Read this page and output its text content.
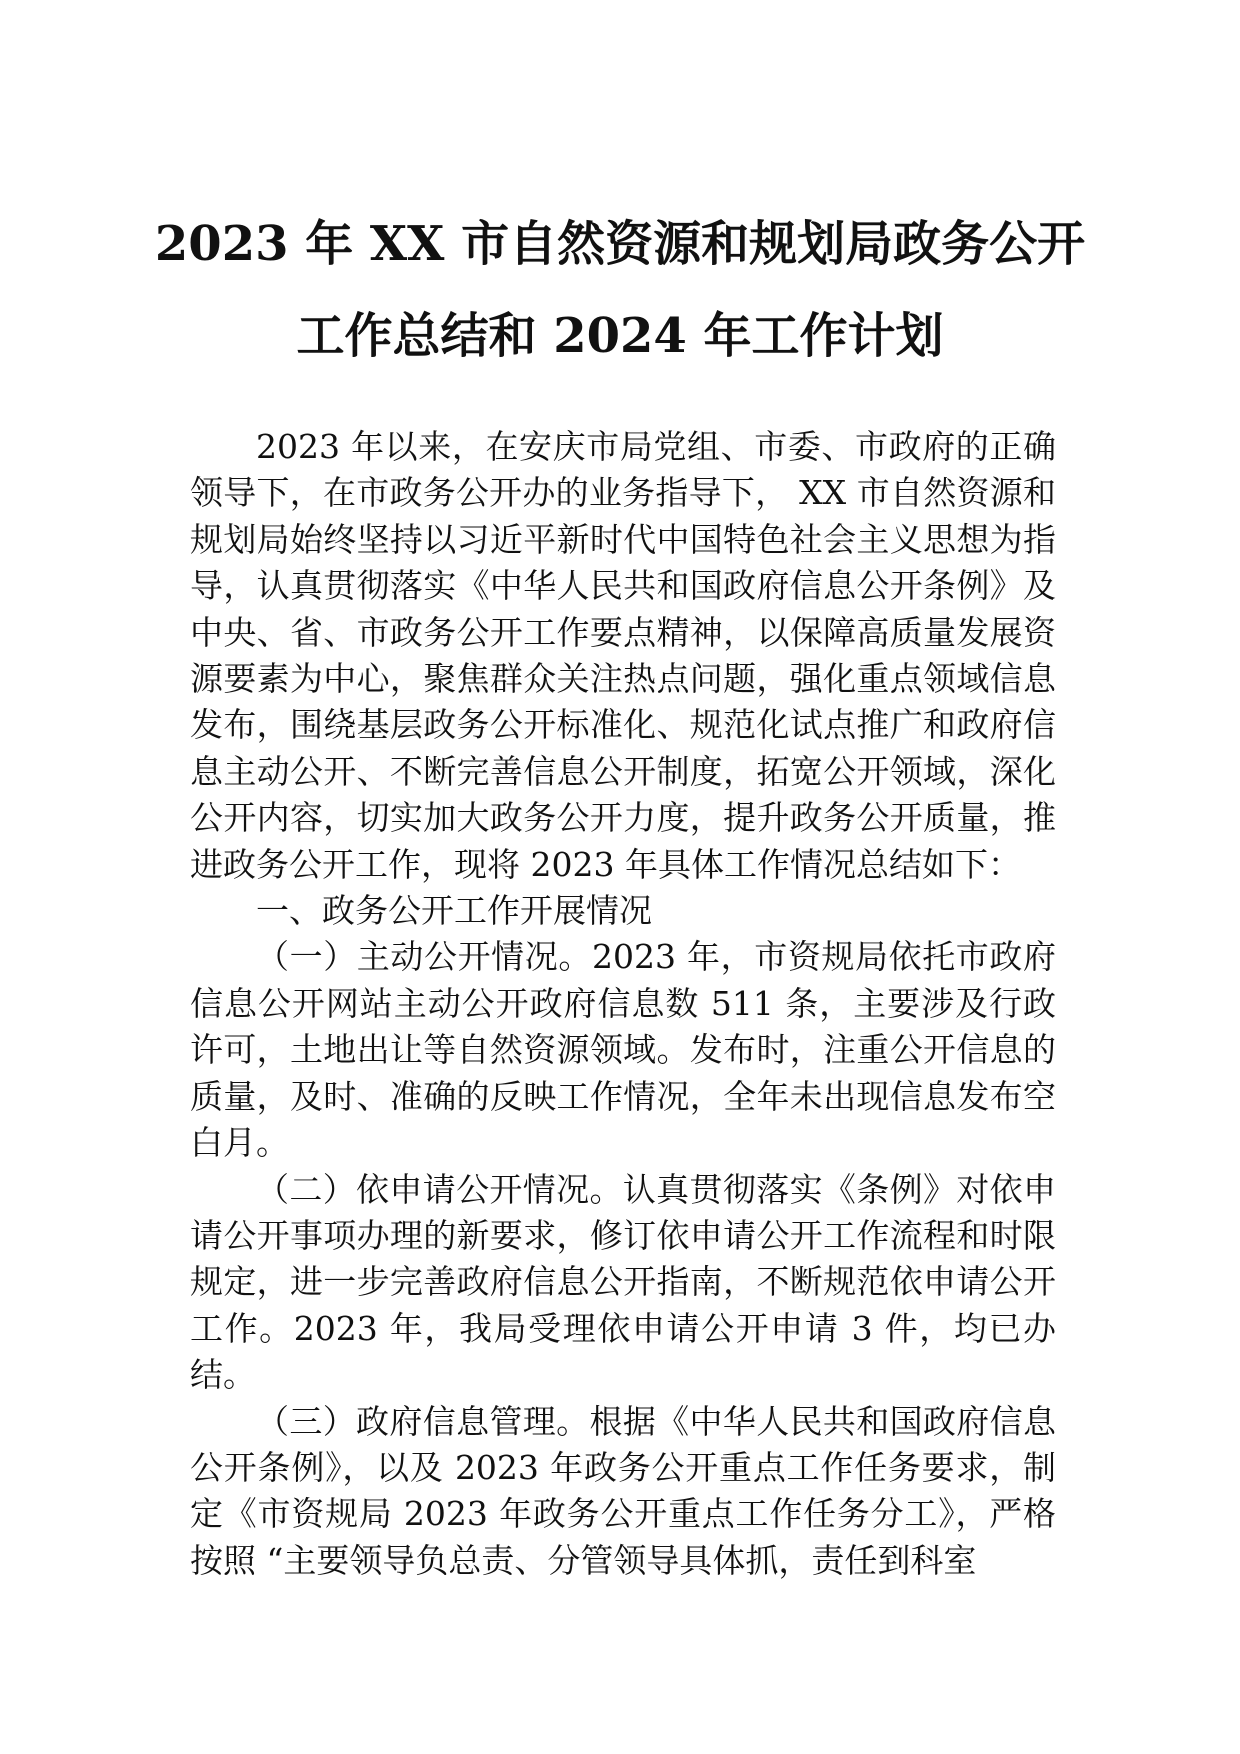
2023 年 XX 市自然资源和规划局政务公开
工作总结和 2024 年工作计划

2023 年以来，在安庆市局党组、市委、市政府的正确领导下，在市政务公开办的业务指导下， XX 市自然资源和规划局始终坚持以习近平新时代中国特色社会主义思想为指导，认真贯彻落实《中华人民共和国政府信息公开条例》及中央、省、市政务公开工作要点精神，以保障高质量发展资源要素为中心，聚焦群众关注热点问题，强化重点领域信息发布，围绕基层政务公开标准化、规范化试点推广和政府信息主动公开、不断完善信息公开制度，拓宽公开领域，深化公开内容，切实加大政务公开力度，提升政务公开质量，推进政务公开工作，现将 2023 年具体工作情况总结如下：

一、政务公开工作开展情况

（一）主动公开情况。2023 年，市资规局依托市政府信息公开网站主动公开政府信息数 511 条，主要涉及行政许可，土地出让等自然资源领域。发布时，注重公开信息的质量，及时、准确的反映工作情况，全年未出现信息发布空白月。

（二）依申请公开情况。认真贯彻落实《条例》对依申请公开事项办理的新要求，修订依申请公开工作流程和时限规定，进一步完善政府信息公开指南，不断规范依申请公开工作。2023 年，我局受理依申请公开申请 3 件，均已办结。

（三）政府信息管理。根据《中华人民共和国政府信息公开条例》，以及 2023 年政务公开重点工作任务要求，制定《市资规局 2023 年政务公开重点工作任务分工》，严格按照 “主要领导负总责、分管领导具体抓，责任到科室
